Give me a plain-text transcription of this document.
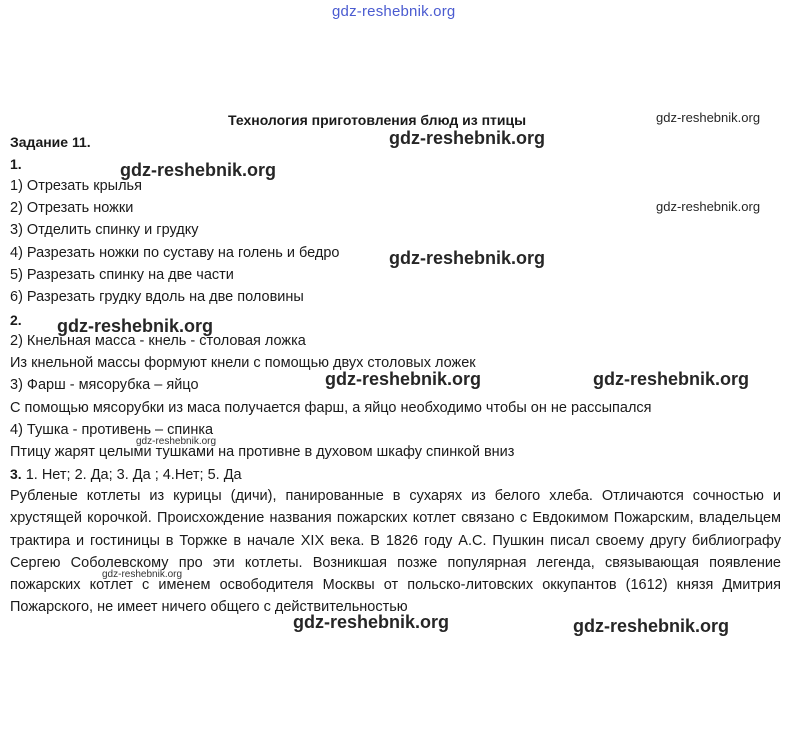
gdz-reshebnik.org
Технология приготовления блюд из птицы
Задание 11.
1.
1) Отрезать крылья
2) Отрезать ножки
3) Отделить спинку и грудку
4) Разрезать ножки по суставу на голень и бедро
5) Разрезать спинку на две части
6) Разрезать грудку вдоль на две половины
2.
2) Кнельная масса - кнель - столовая ложка
Из кнельной массы формуют кнели с помощью двух столовых ложек
3) Фарш - мясорубка – яйцо
С помощью мясорубки из маса получается фарш, а яйцо необходимо чтобы он не рассыпался
4) Тушка - противень – спинка
Птицу жарят целыми тушками на противне в духовом шкафу спинкой вниз
3. 1. Нет; 2. Да; 3. Да ; 4.Нет; 5. Да

Рубленые котлеты из курицы (дичи), панированные в сухарях из белого хлеба. Отличаются сочностью и хрустящей корочкой. Происхождение названия пожарских котлет связано с Евдокимом Пожарским, владельцем трактира и гостиницы в Торжке в начале XIX века. В 1826 году А.С. Пушкин писал своему другу библиографу Сергею Соболевскому про эти котлеты. Возникшая позже популярная легенда, связывающая появление пожарских котлет с именем освободителя Москвы от польско-литовских оккупантов (1612) князя Дмитрия Пожарского, не имеет ничего общего с действительностью

gdz-reshebnik.org
gdz-reshebnik.org
gdz-reshebnik.org
gdz-reshebnik.org
gdz-reshebnik.org
gdz-reshebnik.org
gdz-reshebnik.org	gdz-reshebnik.org
gdz-reshebnik.org
gdz-reshebnik.org
gdz-reshebnik.org	gdz-reshebnik.org
